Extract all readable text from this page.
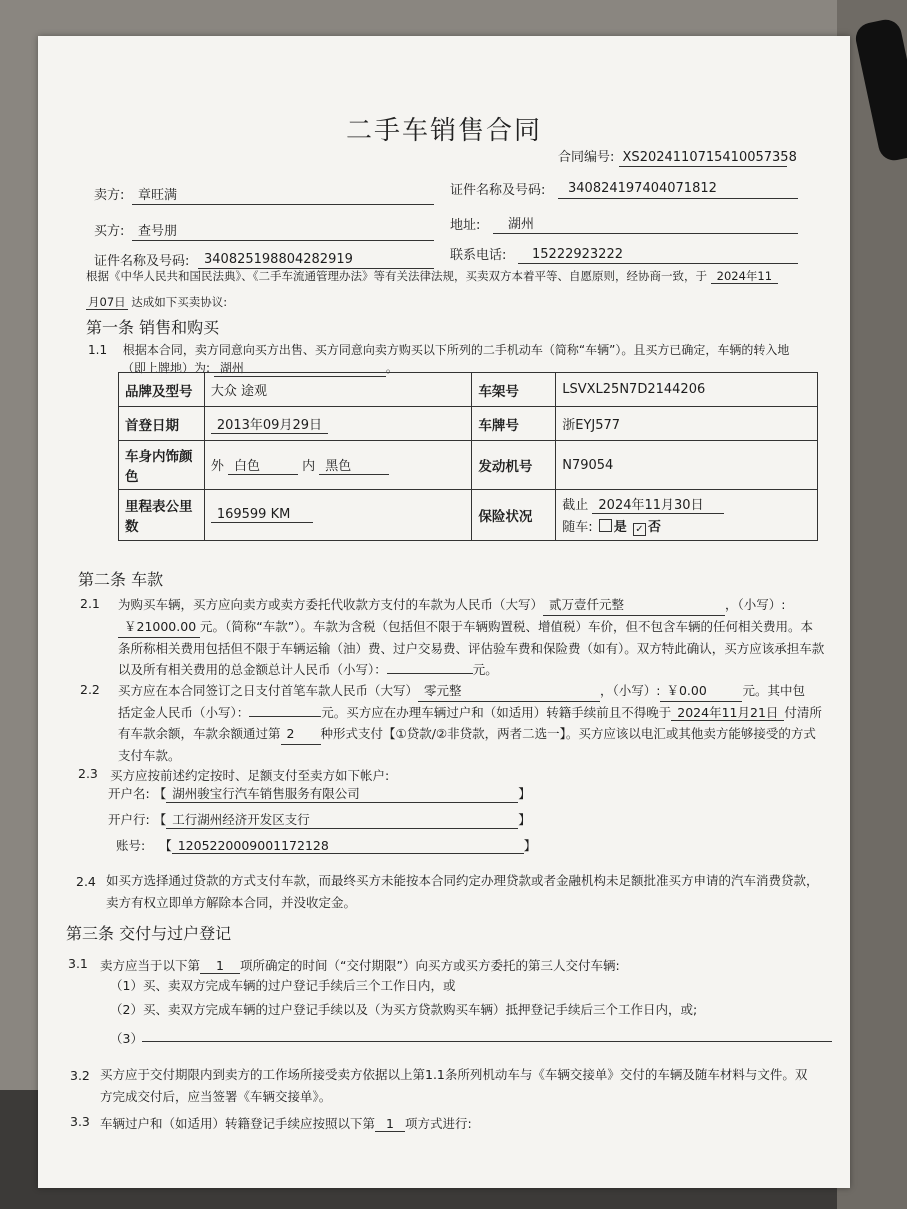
二手车销售合同
合同编号: XS202411071541005735‍8
卖方: 章旺满	证件名称及号码: 340824197404071812
买方: 查号朋	地址: 湖州
证件名称及号码: 340825198804282919	联系电话: 15222923222
根据《中华人民共和国民法典》、《二手车流通管理办法》等有关法律法规，买卖双方本着平等、自愿原则，经协商一致，于 2024年11
月07日 达成如下买卖协议:
第一条 销售和购买
1.1 根据本合同，卖方同意向买方出售、买方同意向卖方购买以下所列的二手机动车（简称“车辆”）。且买方已确定，车辆的转入地
（即上牌地）为: 湖州	。
品牌及型号	大众 途观	车架号	LSVXL25N7D2144206
首登日期	2013年09月29日	车牌号	浙EYJ577
车身内饰颜色	外 白色 内 黑色	发动机号	N79054
里程表公里数	169599 KM	保险状况	截止 2024年11月30日
随车: 是 ✓ 否
第二条 车款
2.1 为购买车辆，买方应向卖方或卖方委托代收款方支付的车款为人民币（大写） 贰万壹仟元整	，（小写）:
￥21000.00 元。（简称“车款”）。车款为含税（包括但不限于车辆购置税、增值税）车价，但不包含车辆的任何相关费用。本
条所称相关费用包括但不限于车辆运输（油）费、过户交易费、评估验车费和保险费（如有）。双方特此确认，买方应该承担车款
以及所有相关费用的总金额总计人民币（小写）：	元。
2.2 买方应在本合同签订之日支付首笔车款人民币（大写） 零元整	，（小写）: ￥0.00	元。其中包
括定金人民币（小写）：	元。买方应在办理车辆过户和（如适用）转籍手续前且不得晚于 2024年11月21日 付清所
有车款余额，车款余额通过第 2 种形式支付【①贷款/②非贷款，两者二选一】。买方应该以电汇或其他卖方能够接受的方式
支付车款。
2.3 买方应按前述约定按时、足额支付至卖方如下帐户:
开户名: 【 湖州骏宝行汽车销售服务有限公司	】
开户行: 【 工行湖州经济开发区支行	】
账号: 【 1205220009001172128	】
2.4 如买方选择通过贷款的方式支付车款，而最终买方未能按本合同约定办理贷款或者金融机构未足额批准买方申请的汽车消费贷款，
卖方有权立即单方解除本合同，并没收定金。
第三条 交付与过户登记
3.1 卖方应当于以下第 1 项所确定的时间（“交付期限”）向买方或买方委托的第三人交付车辆:
（1）买、卖双方完成车辆的过户登记手续后三个工作日内，或
（2）买、卖双方完成车辆的过户登记手续以及（为买方贷款购买车辆）抵押登记手续后三个工作日内，或;
（3）
3.2 买方应于交付期限内到卖方的工作场所接受卖方依据以上第1.1条所列机动车与《车辆交接单》交付的车辆及随车材料与文件。双
方完成交付后，应当签署《车辆交接单》。
3.3 车辆过户和（如适用）转籍登记手续应按照以下第 1 项方式进行:
